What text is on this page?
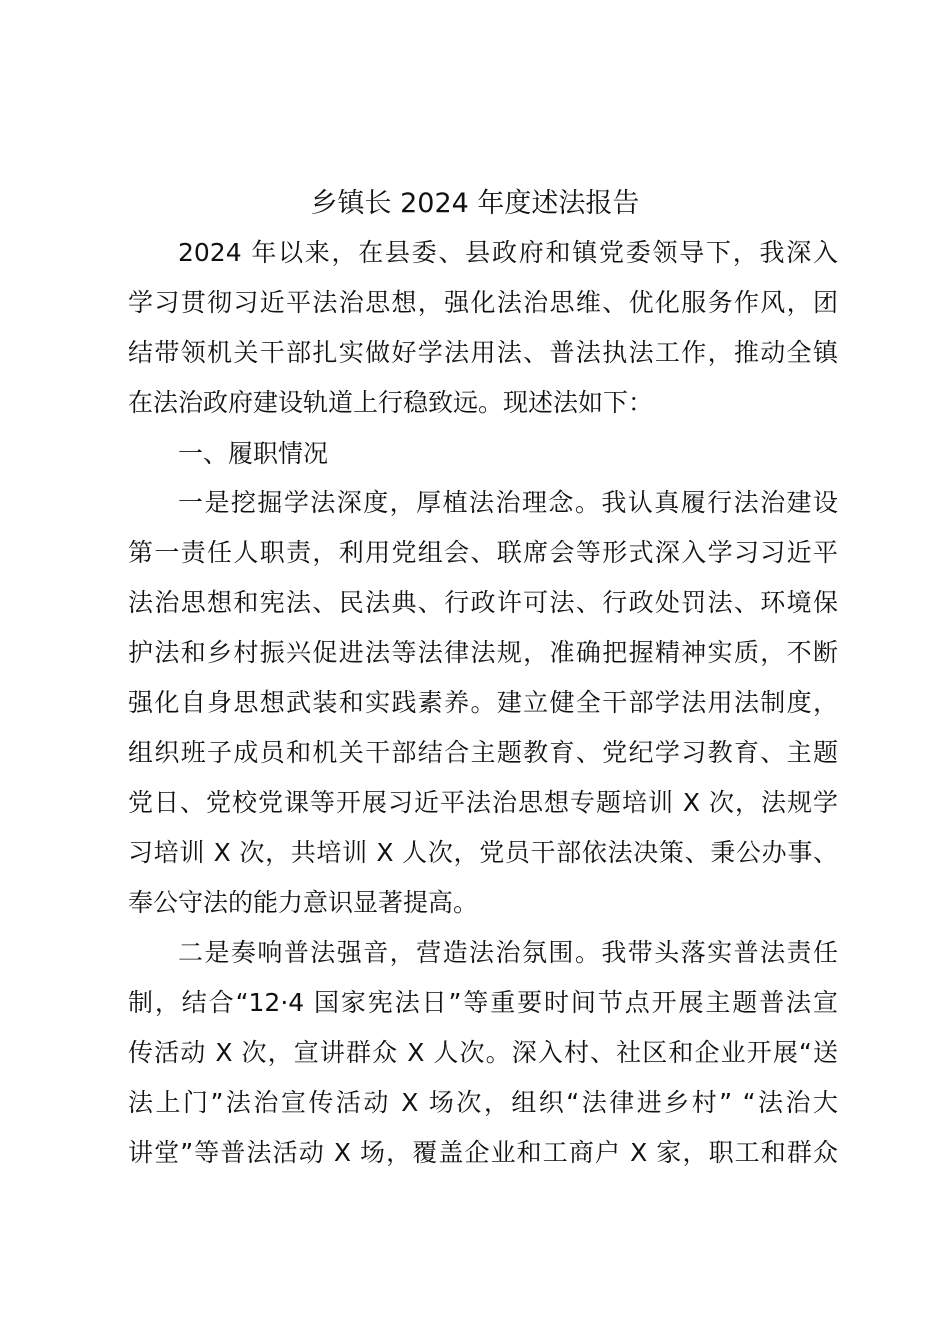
乡镇长 2024 年度述法报告
2024 年以来，在县委、县政府和镇党委领导下，我深入
学习贯彻习近平法治思想，强化法治思维、优化服务作风，团
结带领机关干部扎实做好学法用法、普法执法工作，推动全镇
在法治政府建设轨道上行稳致远。现述法如下：
一、履职情况
一是挖掘学法深度，厚植法治理念。我认真履行法治建设
第一责任人职责，利用党组会、联席会等形式深入学习习近平
法治思想和宪法、民法典、行政许可法、行政处罚法、环境保
护法和乡村振兴促进法等法律法规，准确把握精神实质，不断
强化自身思想武装和实践素养。建立健全干部学法用法制度，
组织班子成员和机关干部结合主题教育、党纪学习教育、主题
党日、党校党课等开展习近平法治思想专题培训 X 次，法规学
习培训 X 次，共培训 X 人次，党员干部依法决策、秉公办事、
奉公守法的能力意识显著提高。
二是奏响普法强音，营造法治氛围。我带头落实普法责任
制，结合“12·4 国家宪法日”等重要时间节点开展主题普法宣
传活动 X 次，宣讲群众 X 人次。深入村、社区和企业开展“送
法上门”法治宣传活动 X 场次，组织“法律进乡村” “法治大
讲堂”等普法活动 X 场，覆盖企业和工商户 X 家，职工和群众
